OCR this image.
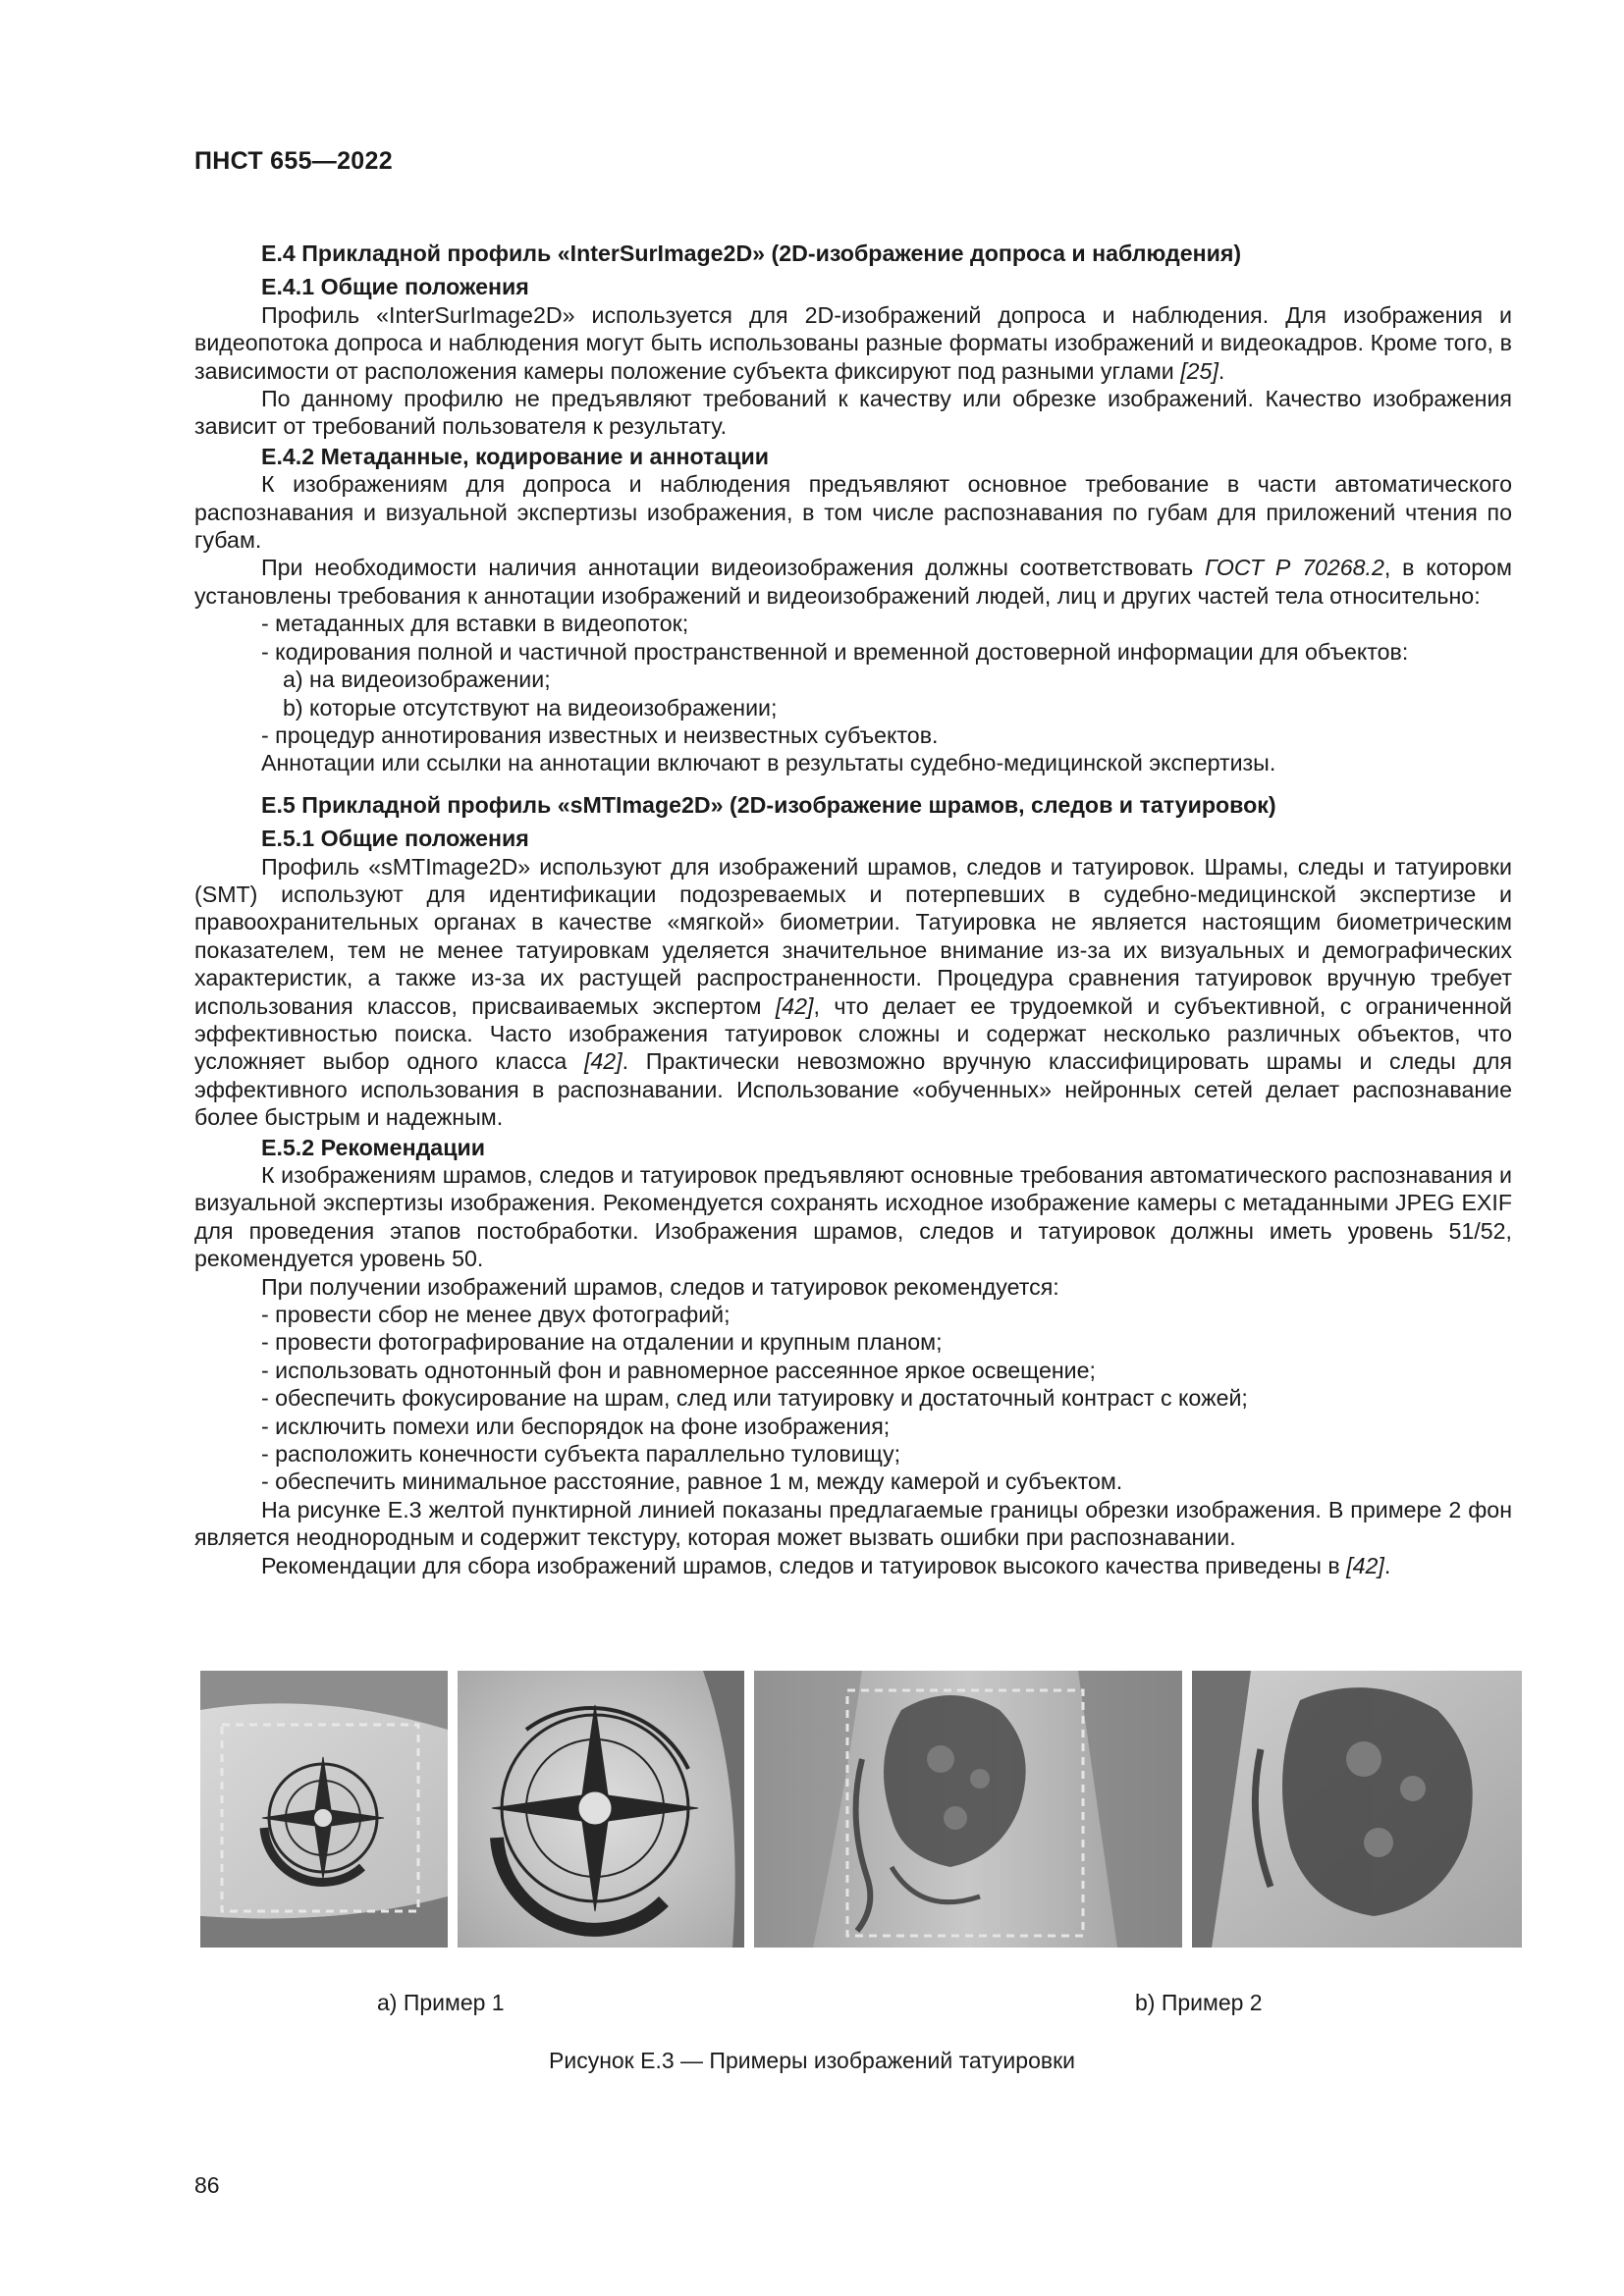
ПНСТ 655—2022

Е.4 Прикладной профиль «InterSurImage2D» (2D-изображение допроса и наблюдения)

Е.4.1 Общие положения

Профиль «InterSurImage2D» используется для 2D-изображений допроса и наблюдения. Для изображения и видеопотока допроса и наблюдения могут быть использованы разные форматы изображений и видеокадров. Кроме того, в зависимости от расположения камеры положение субъекта фиксируют под разными углами [25].

По данному профилю не предъявляют требований к качеству или обрезке изображений. Качество изображения зависит от требований пользователя к результату.

Е.4.2 Метаданные, кодирование и аннотации

К изображениям для допроса и наблюдения предъявляют основное требование в части автоматического распознавания и визуальной экспертизы изображения, в том числе распознавания по губам для приложений чтения по губам.

При необходимости наличия аннотации видеоизображения должны соответствовать ГОСТ Р 70268.2, в котором установлены требования к аннотации изображений и видеоизображений людей, лиц и других частей тела относительно:

- метаданных для вставки в видеопоток;

- кодирования полной и частичной пространственной и временной достоверной информации для объектов:

a) на видеоизображении;

b) которые отсутствуют на видеоизображении;

- процедур аннотирования известных и неизвестных субъектов.

Аннотации или ссылки на аннотации включают в результаты судебно-медицинской экспертизы.

Е.5 Прикладной профиль «sMTImage2D» (2D-изображение шрамов, следов и татуировок)

Е.5.1 Общие положения

Профиль «sMTImage2D» используют для изображений шрамов, следов и татуировок. Шрамы, следы и татуировки (SMT) используют для идентификации подозреваемых и потерпевших в судебно-медицинской экспертизе и правоохранительных органах в качестве «мягкой» биометрии. Татуировка не является настоящим биометрическим показателем, тем не менее татуировкам уделяется значительное внимание из-за их визуальных и демографических характеристик, а также из-за их растущей распространенности. Процедура сравнения татуировок вручную требует использования классов, присваиваемых экспертом [42], что делает ее трудоемкой и субъективной, с ограниченной эффективностью поиска. Часто изображения татуировок сложны и содержат несколько различных объектов, что усложняет выбор одного класса [42]. Практически невозможно вручную классифицировать шрамы и следы для эффективного использования в распознавании. Использование «обученных» нейронных сетей делает распознавание более быстрым и надежным.

Е.5.2 Рекомендации

К изображениям шрамов, следов и татуировок предъявляют основные требования автоматического распознавания и визуальной экспертизы изображения. Рекомендуется сохранять исходное изображение камеры с метаданными JPEG EXIF для проведения этапов постобработки. Изображения шрамов, следов и татуировок должны иметь уровень 51/52, рекомендуется уровень 50.

При получении изображений шрамов, следов и татуировок рекомендуется:

- провести сбор не менее двух фотографий;

- провести фотографирование на отдалении и крупным планом;

- использовать однотонный фон и равномерное рассеянное яркое освещение;

- обеспечить фокусирование на шрам, след или татуировку и достаточный контраст с кожей;

- исключить помехи или беспорядок на фоне изображения;

- расположить конечности субъекта параллельно туловищу;

- обеспечить минимальное расстояние, равное 1 м, между камерой и субъектом.

На рисунке Е.3 желтой пунктирной линией показаны предлагаемые границы обрезки изображения. В примере 2 фон является неоднородным и содержит текстуру, которая может вызвать ошибки при распознавании.

Рекомендации для сбора изображений шрамов, следов и татуировок высокого качества приведены в [42].

a) Пример 1	b) Пример 2
Рисунок Е.3 — Примеры изображений татуировки
86
